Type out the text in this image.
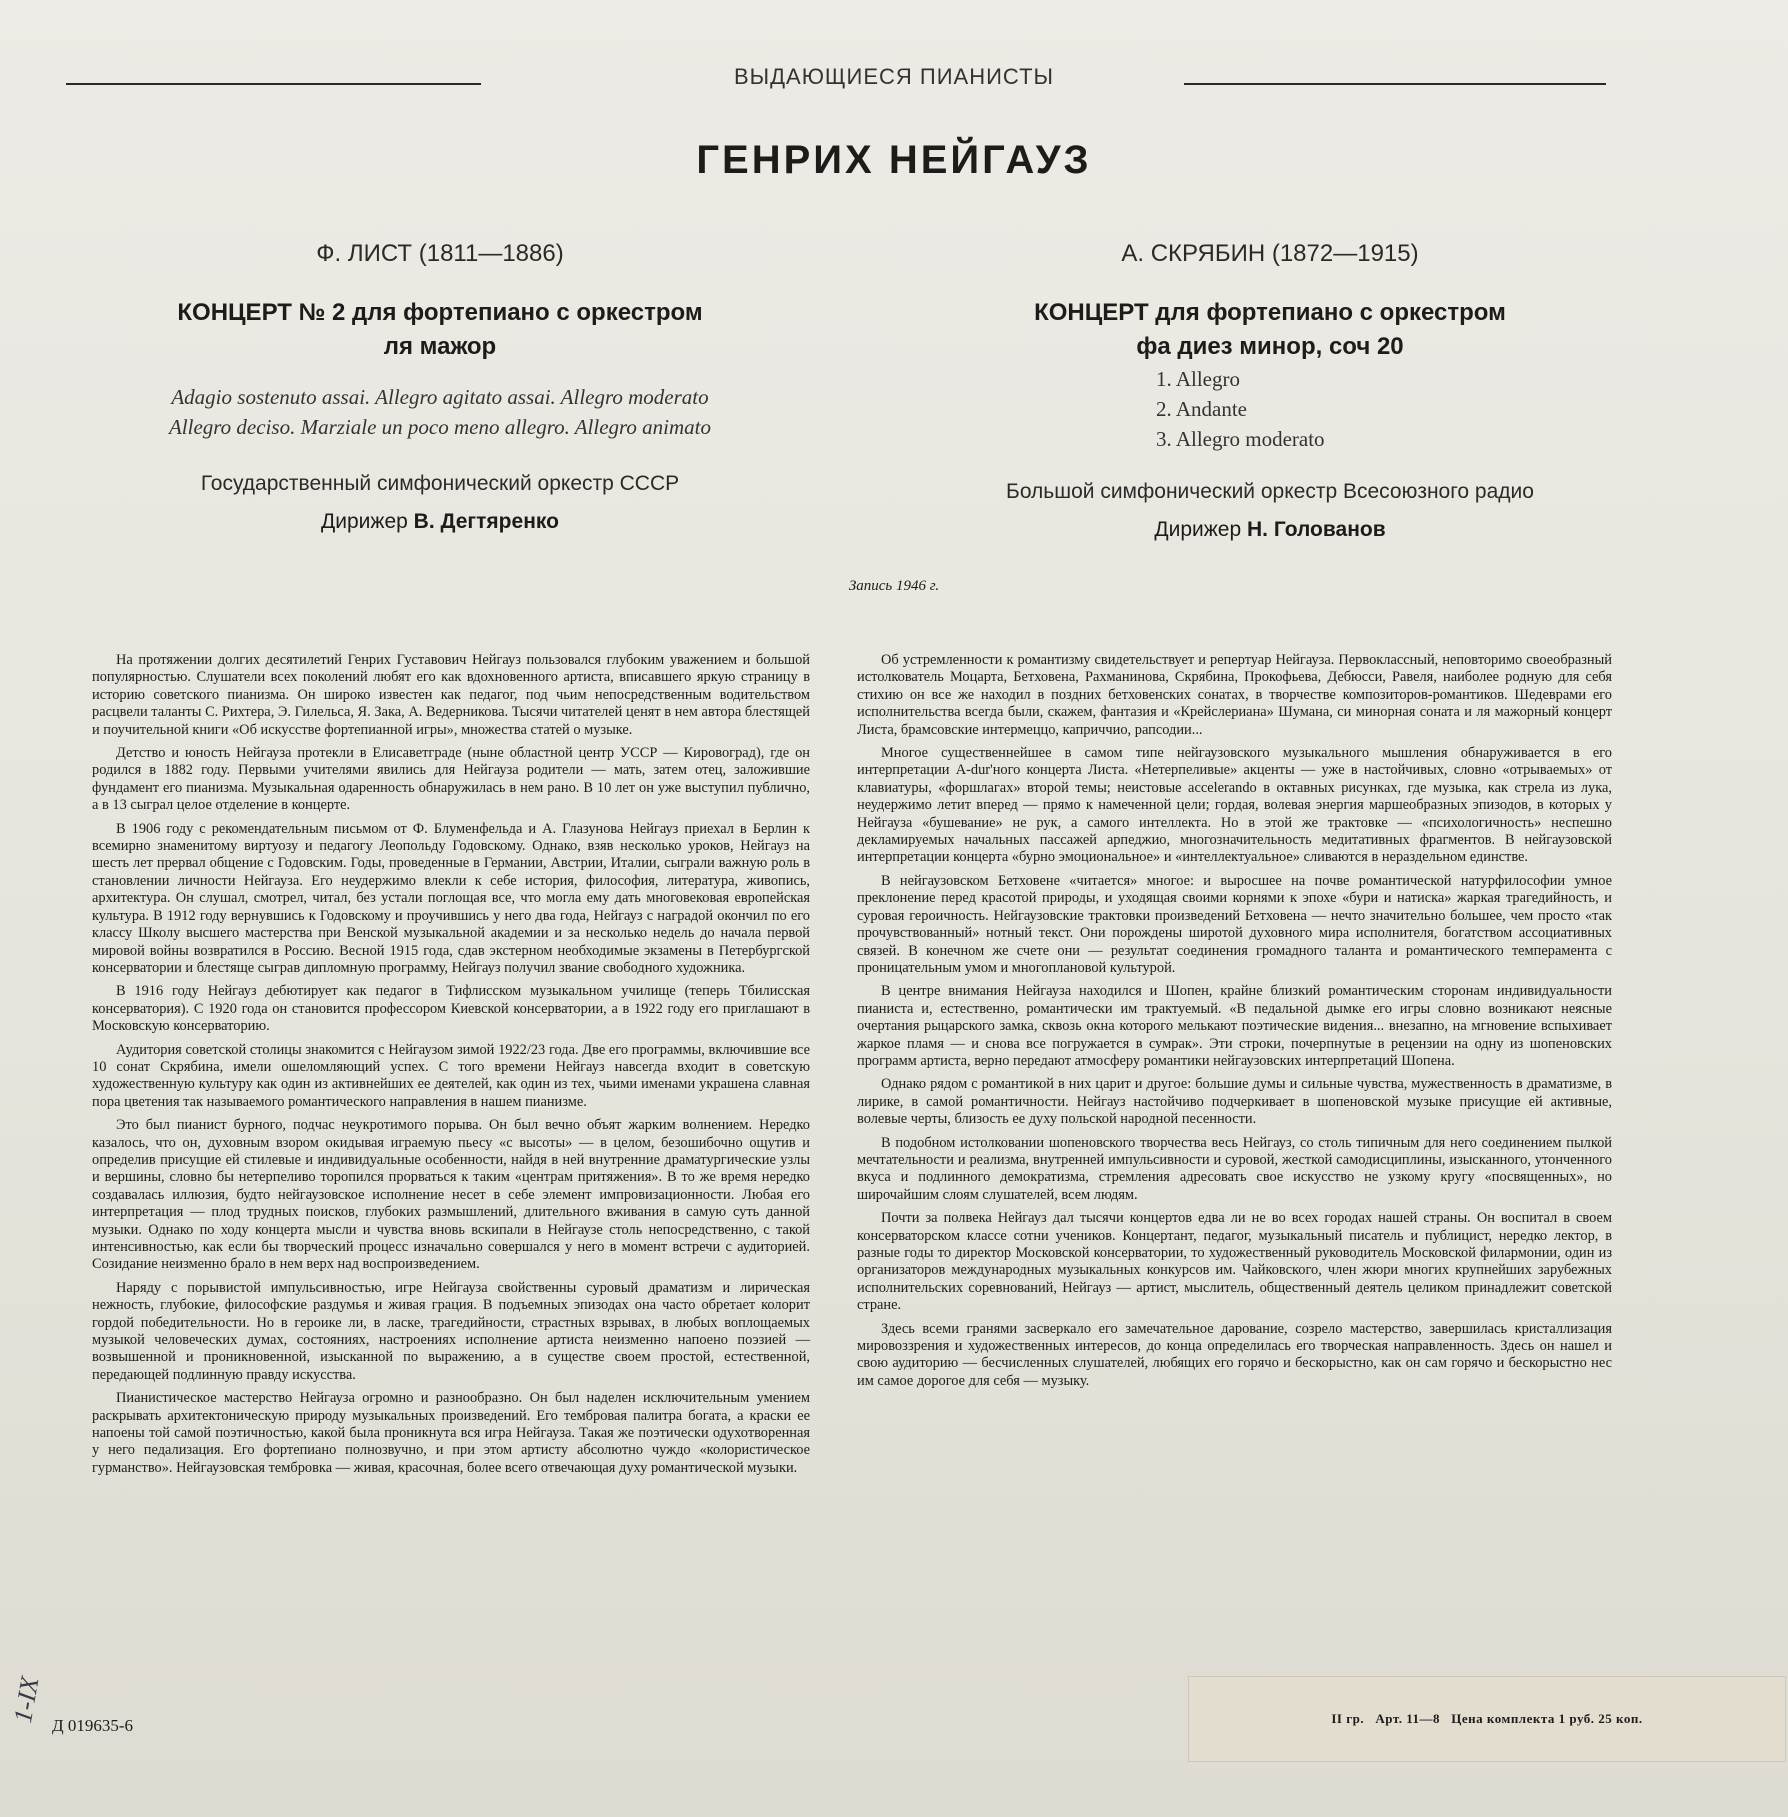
ВЫДАЮЩИЕСЯ ПИАНИСТЫ
ГЕНРИХ НЕЙГАУЗ
Ф. ЛИСТ (1811—1886)
КОНЦЕРТ № 2 для фортепиано с оркестром
ля мажор
Adagio sostenuto assai. Allegro agitato assai. Allegro moderato
Allegro deciso. Marziale un poco meno allegro. Allegro animato
Государственный симфонический оркестр СССР
Дирижер В. Дегтяренко
А. СКРЯБИН (1872—1915)
КОНЦЕРТ для фортепиано с оркестром
фа диез минор, соч 20
1. Allegro
2. Andante
3. Allegro moderato
Большой симфонический оркестр Всесоюзного радио
Дирижер Н. Голованов
Запись 1946 г.

На протяжении долгих десятилетий Генрих Густавович Нейгауз пользовался глубоким уважением и большой популярностью. Слушатели всех поколений любят его как вдохновенного артиста, вписавшего яркую страницу в историю советского пианизма. Он широко известен как педагог, под чьим непосредственным водительством расцвели таланты С. Рихтера, Э. Гилельса, Я. Зака, А. Ведерникова. Тысячи читателей ценят в нем автора блестящей и поучительной книги «Об искусстве фортепианной игры», множества статей о музыке.

Детство и юность Нейгауза протекли в Елисаветграде (ныне областной центр УССР — Кировоград), где он родился в 1882 году. Первыми учителями явились для Нейгауза родители — мать, затем отец, заложившие фундамент его пианизма. Музыкальная одаренность обнаружилась в нем рано. В 10 лет он уже выступил публично, а в 13 сыграл целое отделение в концерте.

В 1906 году с рекомендательным письмом от Ф. Блуменфельда и А. Глазунова Нейгауз приехал в Берлин к всемирно знаменитому виртуозу и педагогу Леопольду Годовскому. Однако, взяв несколько уроков, Нейгауз на шесть лет прервал общение с Годовским. Годы, проведенные в Германии, Австрии, Италии, сыграли важную роль в становлении личности Нейгауза. Его неудержимо влекли к себе история, философия, литература, живопись, архитектура. Он слушал, смотрел, читал, без устали поглощая все, что могла ему дать многовековая европейская культура. В 1912 году вернувшись к Годовскому и проучившись у него два года, Нейгауз с наградой окончил по его классу Школу высшего мастерства при Венской музыкальной академии и за несколько недель до начала первой мировой войны возвратился в Россию. Весной 1915 года, сдав экстерном необходимые экзамены в Петербургской консерватории и блестяще сыграв дипломную программу, Нейгауз получил звание свободного художника.

В 1916 году Нейгауз дебютирует как педагог в Тифлисском музыкальном училище (теперь Тбилисская консерватория). С 1920 года он становится профессором Киевской консерватории, а в 1922 году его приглашают в Московскую консерваторию.

Аудитория советской столицы знакомится с Нейгаузом зимой 1922/23 года. Две его программы, включившие все 10 сонат Скрябина, имели ошеломляющий успех. С того времени Нейгауз навсегда входит в советскую художественную культуру как один из активнейших ее деятелей, как один из тех, чьими именами украшена славная пора цветения так называемого романтического направления в нашем пианизме.

Это был пианист бурного, подчас неукротимого порыва. Он был вечно объят жарким волнением. Нередко казалось, что он, духовным взором окидывая играемую пьесу «с высоты» — в целом, безошибочно ощутив и определив присущие ей стилевые и индивидуальные особенности, найдя в ней внутренние драматургические узлы и вершины, словно бы нетерпеливо торопился прорваться к таким «центрам притяжения». В то же время нередко создавалась иллюзия, будто нейгаузовское исполнение несет в себе элемент импровизационности. Любая его интерпретация — плод трудных поисков, глубоких размышлений, длительного вживания в самую суть данной музыки. Однако по ходу концерта мысли и чувства вновь вскипали в Нейгаузе столь непосредственно, с такой интенсивностью, как если бы творческий процесс изначально совершался у него в момент встречи с аудиторией. Созидание неизменно брало в нем верх над воспроизведением.

Наряду с порывистой импульсивностью, игре Нейгауза свойственны суровый драматизм и лирическая нежность, глубокие, философские раздумья и живая грация. В подъемных эпизодах она часто обретает колорит гордой победительности. Но в героике ли, в ласке, трагедийности, страстных взрывах, в любых воплощаемых музыкой человеческих думах, состояниях, настроениях исполнение артиста неизменно напоено поэзией — возвышенной и проникновенной, изысканной по выражению, а в существе своем простой, естественной, передающей подлинную правду искусства.

Пианистическое мастерство Нейгауза огромно и разнообразно. Он был наделен исключительным умением раскрывать архитектоническую природу музыкальных произведений. Его тембровая палитра богата, а краски ее напоены той самой поэтичностью, какой была проникнута вся игра Нейгауза. Такая же поэтически одухотворенная у него педализация. Его фортепиано полнозвучно, и при этом артисту абсолютно чуждо «колористическое гурманство». Нейгаузовская тембровка — живая, красочная, более всего отвечающая духу романтической музыки.

Об устремленности к романтизму свидетельствует и репертуар Нейгауза. Первоклассный, неповторимо своеобразный истолкователь Моцарта, Бетховена, Рахманинова, Скрябина, Прокофьева, Дебюсси, Равеля, наиболее родную для себя стихию он все же находил в поздних бетховенских сонатах, в творчестве композиторов-романтиков. Шедеврами его исполнительства всегда были, скажем, фантазия и «Крейслериана» Шумана, си минорная соната и ля мажорный концерт Листа, брамсовские интермеццо, каприччио, рапсодии...

Многое существеннейшее в самом типе нейгаузовского музыкального мышления обнаруживается в его интерпретации A-dur'ного концерта Листа. «Нетерпеливые» акценты — уже в настойчивых, словно «отрываемых» от клавиатуры, «форшлагах» второй темы; неистовые accelerando в октавных рисунках, где музыка, как стрела из лука, неудержимо летит вперед — прямо к намеченной цели; гордая, волевая энергия маршеобразных эпизодов, в которых у Нейгауза «бушевание» не рук, а самого интеллекта. Но в этой же трактовке — «психологичность» неспешно декламируемых начальных пассажей арпеджио, многозначительность медитативных фрагментов. В нейгаузовской интерпретации концерта «бурно эмоциональное» и «интеллектуальное» сливаются в нераздельном единстве.

В нейгаузовском Бетховене «читается» многое: и выросшее на почве романтической натурфилософии умное преклонение перед красотой природы, и уходящая своими корнями к эпохе «бури и натиска» жаркая трагедийность, и суровая героичность. Нейгаузовские трактовки произведений Бетховена — нечто значительно большее, чем просто «так прочувствованный» нотный текст. Они порождены широтой духовного мира исполнителя, богатством ассоциативных связей. В конечном же счете они — результат соединения громадного таланта и романтического темперамента с проницательным умом и многоплановой культурой.

В центре внимания Нейгауза находился и Шопен, крайне близкий романтическим сторонам индивидуальности пианиста и, естественно, романтически им трактуемый. «В педальной дымке его игры словно возникают неясные очертания рыцарского замка, сквозь окна которого мелькают поэтические видения... внезапно, на мгновение вспыхивает жаркое пламя — и снова все погружается в сумрак». Эти строки, почерпнутые в рецензии на одну из шопеновских программ артиста, верно передают атмосферу романтики нейгаузовских интерпретаций Шопена.

Однако рядом с романтикой в них царит и другое: большие думы и сильные чувства, мужественность в драматизме, в лирике, в самой романтичности. Нейгауз настойчиво подчеркивает в шопеновской музыке присущие ей активные, волевые черты, близость ее духу польской народной песенности.

В подобном истолковании шопеновского творчества весь Нейгауз, со столь типичным для него соединением пылкой мечтательности и реализма, внутренней импульсивности и суровой, жесткой самодисциплины, изысканного, утонченного вкуса и подлинного демократизма, стремления адресовать свое искусство не узкому кругу «посвященных», но широчайшим слоям слушателей, всем людям.

Почти за полвека Нейгауз дал тысячи концертов едва ли не во всех городах нашей страны. Он воспитал в своем консерваторском классе сотни учеников. Концертант, педагог, музыкальный писатель и публицист, нередко лектор, в разные годы то директор Московской консерватории, то художественный руководитель Московской филармонии, один из организаторов международных музыкальных конкурсов им. Чайковского, член жюри многих крупнейших зарубежных исполнительских соревнований, Нейгауз — артист, мыслитель, общественный деятель целиком принадлежит советской стране.

Здесь всеми гранями засверкало его замечательное дарование, созрело мастерство, завершилась кристаллизация мировоззрения и художественных интересов, до конца определилась его творческая направленность. Здесь он нашел и свою аудиторию — бесчисленных слушателей, любящих его горячо и бескорыстно, как он сам горячо и бескорыстно нес им самое дорогое для себя — музыку.

Д 019635-6	II гр.   Арт. 11—8   Цена комплекта 1 руб. 25 коп.
1-IX
